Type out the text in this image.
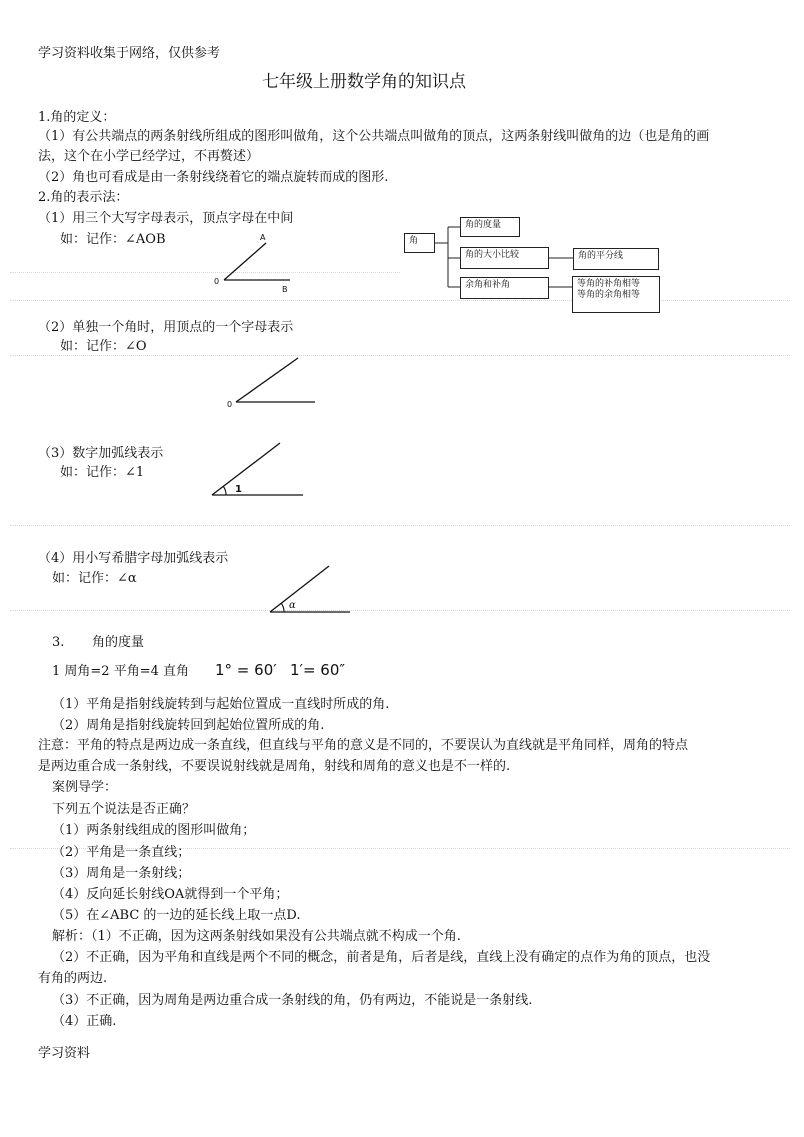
学习资料收集于网络，仅供参考
七年级上册数学角的知识点
1.角的定义：
（1）有公共端点的两条射线所组成的图形叫做角，这个公共端点叫做角的顶点，这两条射线叫做角的边（也是角的画
法，这个在小学已经学过，不再赘述）
（2）角也可看成是由一条射线绕着它的端点旋转而成的图形.
2.角的表示法：
（1）用三个大写字母表示，顶点字母在中间
如：记作：∠AOB
（2）单独一个角时，用顶点的一个字母表示
如：记作：∠O
（3）数字加弧线表示
如：记作：∠1
（4）用小写希腊字母加弧线表示
如：记作：∠α
A
0
B
0
1
α
角
角的度量
角的大小比较	角的平分线
余角和补角	等角的补角相等
等角的余角相等
3. 角的度量
1 周角=2 平角=4 直角 1° = 60′ 1′= 60″
（1）平角是指射线旋转到与起始位置成一直线时所成的角.
（2）周角是指射线旋转回到起始位置所成的角.
注意：平角的特点是两边成一条直线，但直线与平角的意义是不同的，不要误认为直线就是平角同样，周角的特点
是两边重合成一条射线，不要误说射线就是周角，射线和周角的意义也是不一样的.
案例导学：
下列五个说法是否正确？
（1）两条射线组成的图形叫做角；
（2）平角是一条直线；
（3）周角是一条射线；
（4）反向延长射线OA就得到一个平角；
（5）在∠ABC 的一边的延长线上取一点D.
解析：（1）不正确，因为这两条射线如果没有公共端点就不构成一个角.
（2）不正确，因为平角和直线是两个不同的概念，前者是角，后者是线，直线上没有确定的点作为角的顶点，也没
有角的两边.
（3）不正确，因为周角是两边重合成一条射线的角，仍有两边，不能说是一条射线.
（4）正确.
学习资料
